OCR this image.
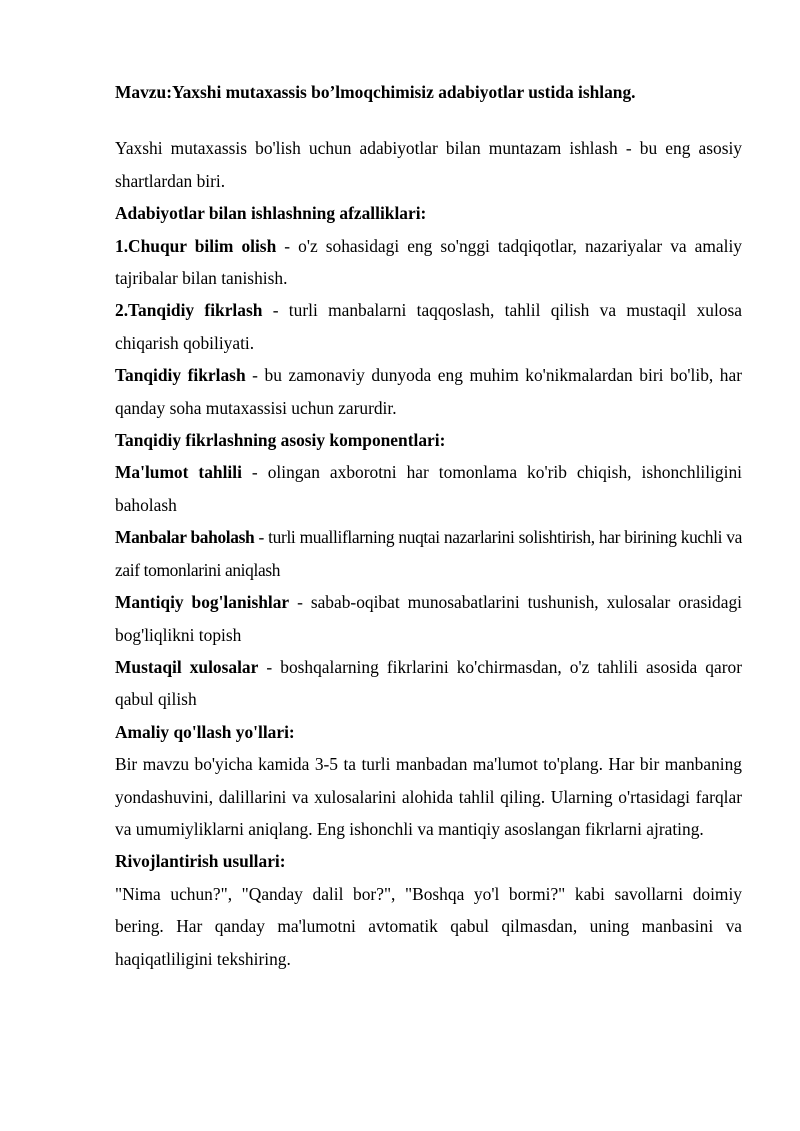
Mavzu:Yaxshi mutaxassis bo’lmoqchimisiz adabiyotlar ustida ishlang.

Yaxshi mutaxassis bo'lish uchun adabiyotlar bilan muntazam ishlash - bu eng asosiy shartlardan biri.

Adabiyotlar bilan ishlashning afzalliklari:

1.Chuqur bilim olish - o'z sohasidagi eng so'nggi tadqiqotlar, nazariyalar va amaliy tajribalar bilan tanishish.

2.Tanqidiy fikrlash - turli manbalarni taqqoslash, tahlil qilish va mustaqil xulosa chiqarish qobiliyati.

Tanqidiy fikrlash - bu zamonaviy dunyoda eng muhim ko'nikmalardan biri bo'lib, har qanday soha mutaxassisi uchun zarurdir.

Tanqidiy fikrlashning asosiy komponentlari:

Ma'lumot tahlili - olingan axborotni har tomonlama ko'rib chiqish, ishonchliligini baholash

Manbalar baholash - turli mualliflarning nuqtai nazarlarini solishtirish, har birining kuchli va zaif tomonlarini aniqlash

Mantiqiy bog'lanishlar - sabab-oqibat munosabatlarini tushunish, xulosalar orasidagi bog'liqlikni topish

Mustaqil xulosalar - boshqalarning fikrlarini ko'chirmasdan, o'z tahlili asosida qaror qabul qilish

Amaliy qo'llash yo'llari:

Bir mavzu bo'yicha kamida 3-5 ta turli manbadan ma'lumot to'plang. Har bir manbaning yondashuvini, dalillarini va xulosalarini alohida tahlil qiling. Ularning o'rtasidagi farqlar va umumiyliklarni aniqlang. Eng ishonchli va mantiqiy asoslangan fikrlarni ajrating.

Rivojlantirish usullari:

"Nima uchun?", "Qanday dalil bor?", "Boshqa yo'l bormi?" kabi savollarni doimiy bering. Har qanday ma'lumotni avtomatik qabul qilmasdan, uning manbasini va haqiqatliligini tekshiring.
